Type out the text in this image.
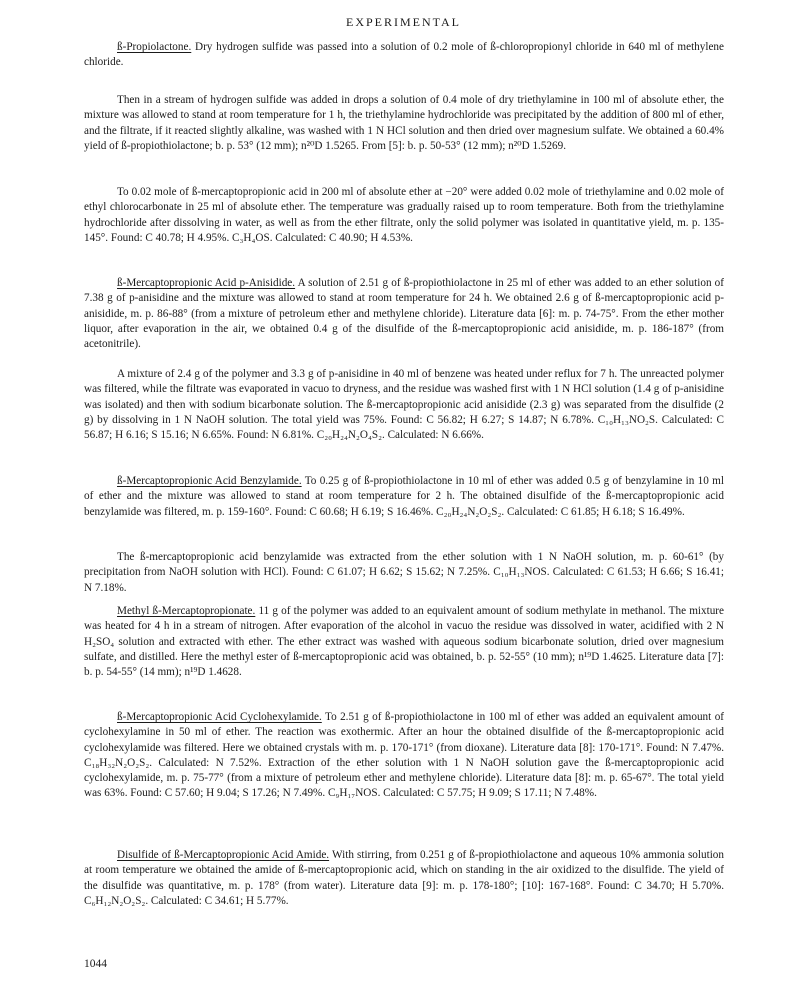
EXPERIMENTAL

ß-Propiolactone. Dry hydrogen sulfide was passed into a solution of 0.2 mole of ß-chloropropionyl chloride in 640 ml of methylene chloride.

Then in a stream of hydrogen sulfide was added in drops a solution of 0.4 mole of dry triethylamine in 100 ml of absolute ether, the mixture was allowed to stand at room temperature for 1 h, the triethylamine hydrochloride was precipitated by the addition of 800 ml of ether, and the filtrate, if it reacted slightly alkaline, was washed with 1 N HCl solution and then dried over magnesium sulfate. We obtained a 60.4% yield of ß-propiothiolactone; b. p. 53° (12 mm); n²⁰D 1.5265. From [5]: b. p. 50-53° (12 mm); n²⁰D 1.5269.

To 0.02 mole of ß-mercaptopropionic acid in 200 ml of absolute ether at −20° were added 0.02 mole of triethylamine and 0.02 mole of ethyl chlorocarbonate in 25 ml of absolute ether. The temperature was gradually raised up to room temperature. Both from the triethylamine hydrochloride after dissolving in water, as well as from the ether filtrate, only the solid polymer was isolated in quantitative yield, m. p. 135-145°. Found: C 40.78; H 4.95%. C₃H₄OS. Calculated: C 40.90; H 4.53%.

ß-Mercaptopropionic Acid p-Anisidide. A solution of 2.51 g of ß-propiothiolactone in 25 ml of ether was added to an ether solution of 7.38 g of p-anisidine and the mixture was allowed to stand at room temperature for 24 h. We obtained 2.6 g of ß-mercaptopropionic acid p-anisidide, m. p. 86-88° (from a mixture of petroleum ether and methylene chloride). Literature data [6]: m. p. 74-75°. From the ether mother liquor, after evaporation in the air, we obtained 0.4 g of the disulfide of the ß-mercaptopropionic acid anisidide, m. p. 186-187° (from acetonitrile).

A mixture of 2.4 g of the polymer and 3.3 g of p-anisidine in 40 ml of benzene was heated under reflux for 7 h. The unreacted polymer was filtered, while the filtrate was evaporated in vacuo to dryness, and the residue was washed first with 1 N HCl solution (1.4 g of p-anisidine was isolated) and then with sodium bicarbonate solution. The ß-mercaptopropionic acid anisidide (2.3 g) was separated from the disulfide (2 g) by dissolving in 1 N NaOH solution. The total yield was 75%. Found: C 56.82; H 6.27; S 14.87; N 6.78%. C₁₀H₁₃NO₂S. Calculated: C 56.87; H 6.16; S 15.16; N 6.65%. Found: N 6.81%. C₂₀H₂₄N₂O₄S₂. Calculated: N 6.66%.

ß-Mercaptopropionic Acid Benzylamide. To 0.25 g of ß-propiothiolactone in 10 ml of ether was added 0.5 g of benzylamine in 10 ml of ether and the mixture was allowed to stand at room temperature for 2 h. The obtained disulfide of the ß-mercaptopropionic acid benzylamide was filtered, m. p. 159-160°. Found: C 60.68; H 6.19; S 16.46%. C₂₀H₂₄N₂O₂S₂. Calculated: C 61.85; H 6.18; S 16.49%.

The ß-mercaptopropionic acid benzylamide was extracted from the ether solution with 1 N NaOH solution, m. p. 60-61° (by precipitation from NaOH solution with HCl). Found: C 61.07; H 6.62; S 15.62; N 7.25%. C₁₀H₁₃NOS. Calculated: C 61.53; H 6.66; S 16.41; N 7.18%.

Methyl ß-Mercaptopropionate. 11 g of the polymer was added to an equivalent amount of sodium methylate in methanol. The mixture was heated for 4 h in a stream of nitrogen. After evaporation of the alcohol in vacuo the residue was dissolved in water, acidified with 2 N H₂SO₄ solution and extracted with ether. The ether extract was washed with aqueous sodium bicarbonate solution, dried over magnesium sulfate, and distilled. Here the methyl ester of ß-mercaptopropionic acid was obtained, b. p. 52-55° (10 mm); n¹⁹D 1.4625. Literature data [7]: b. p. 54-55° (14 mm); n¹⁹D 1.4628.

ß-Mercaptopropionic Acid Cyclohexylamide. To 2.51 g of ß-propiothiolactone in 100 ml of ether was added an equivalent amount of cyclohexylamine in 50 ml of ether. The reaction was exothermic. After an hour the obtained disulfide of the ß-mercaptopropionic acid cyclohexylamide was filtered. Here we obtained crystals with m. p. 170-171° (from dioxane). Literature data [8]: 170-171°. Found: N 7.47%. C₁₈H₃₂N₂O₂S₂. Calculated: N 7.52%. Extraction of the ether solution with 1 N NaOH solution gave the ß-mercaptopropionic acid cyclohexylamide, m. p. 75-77° (from a mixture of petroleum ether and methylene chloride). Literature data [8]: m. p. 65-67°. The total yield was 63%. Found: C 57.60; H 9.04; S 17.26; N 7.49%. C₉H₁₇NOS. Calculated: C 57.75; H 9.09; S 17.11; N 7.48%.

Disulfide of ß-Mercaptopropionic Acid Amide. With stirring, from 0.251 g of ß-propiothiolactone and aqueous 10% ammonia solution at room temperature we obtained the amide of ß-mercaptopropionic acid, which on standing in the air oxidized to the disulfide. The yield of the disulfide was quantitative, m. p. 178° (from water). Literature data [9]: m. p. 178-180°; [10]: 167-168°. Found: C 34.70; H 5.70%. C₆H₁₂N₂O₂S₂. Calculated: C 34.61; H 5.77%.

1044
